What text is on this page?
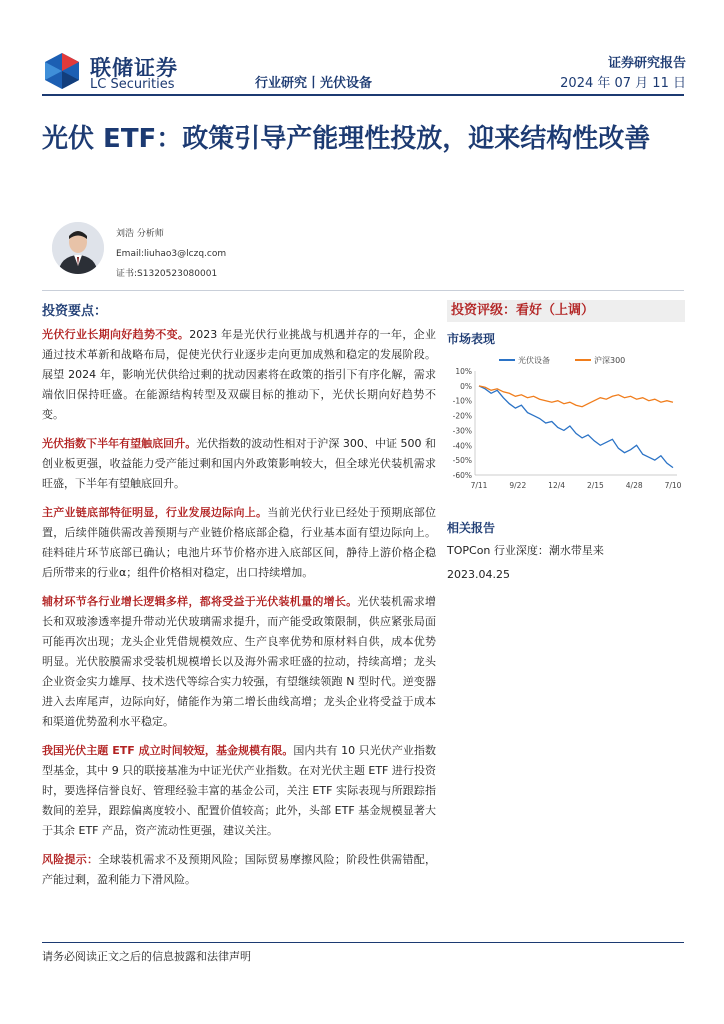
联储证券
LC Securities	行业研究丨光伏设备
证券研究报告
2024 年 07 月 11 日
光伏 ETF：政策引导产能理性投放，迎来结构性改善
刘浩 分析师
Email:liuhao3@lczq.com
证书:S1320523080001
投资要点：

光伏行业长期向好趋势不变。2023 年是光伏行业挑战与机遇并存的一年，企业通过技术革新和战略布局，促使光伏行业逐步走向更加成熟和稳定的发展阶段。展望 2024 年，影响光伏供给过剩的扰动因素将在政策的指引下有序化解，需求端依旧保持旺盛。在能源结构转型及双碳目标的推动下，光伏长期向好趋势不变。

光伏指数下半年有望触底回升。光伏指数的波动性相对于沪深 300、中证 500 和创业板更强，收益能力受产能过剩和国内外政策影响较大，但全球光伏装机需求旺盛，下半年有望触底回升。

主产业链底部特征明显，行业发展边际向上。当前光伏行业已经处于预期底部位置，后续伴随供需改善预期与产业链价格底部企稳，行业基本面有望边际向上。硅料硅片环节底部已确认；电池片环节价格亦进入底部区间，静待上游价格企稳后所带来的行业α；组件价格相对稳定，出口持续增加。

辅材环节各行业增长逻辑多样，都将受益于光伏装机量的增长。光伏装机需求增长和双玻渗透率提升带动光伏玻璃需求提升，而产能受政策限制，供应紧张局面可能再次出现；龙头企业凭借规模效应、生产良率优势和原材料自供，成本优势明显。光伏胶膜需求受装机规模增长以及海外需求旺盛的拉动，持续高增；龙头企业资金实力雄厚、技术迭代等综合实力较强，有望继续领跑 N 型时代。逆变器进入去库尾声，边际向好，储能作为第二增长曲线高增；龙头企业将受益于成本和渠道优势盈利水平稳定。

我国光伏主题 ETF 成立时间较短，基金规模有限。国内共有 10 只光伏产业指数型基金，其中 9 只的联接基准为中证光伏产业指数。在对光伏主题 ETF 进行投资时，要选择信誉良好、管理经验丰富的基金公司，关注 ETF 实际表现与所跟踪指数间的差异，跟踪偏离度较小、配置价值较高；此外，头部 ETF 基金规模显著大于其余 ETF 产品，资产流动性更强，建议关注。

风险提示：全球装机需求不及预期风险；国际贸易摩擦风险；阶段性供需错配，产能过剩，盈利能力下滑风险。

投资评级：看好（上调）
市场表现
光伏设备	沪深300
10%
0%
-10%
-20%
-30%
-40%
-50%
-60%
7/11	9/22	12/4	2/15	4/28	7/10
相关报告
TOPCon 行业深度：潮水带星来
2023.04.25
请务必阅读正文之后的信息披露和法律声明
